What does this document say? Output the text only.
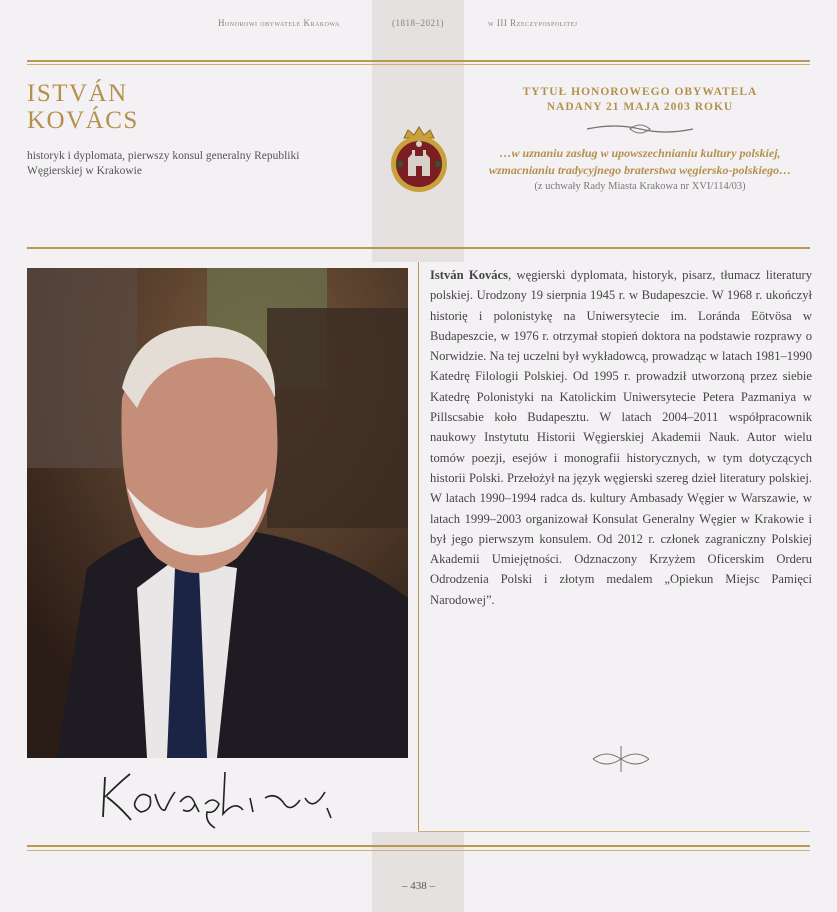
Honorowi obywatele Krakowa	(1818–2021)	w III Rzeczypospolitej
ISTVÁN
KOVÁCS
historyk i dyplomata, pierwszy konsul generalny Republiki Węgierskiej w Krakowie
TYTUŁ HONOROWEGO OBYWATELA
NADANY 21 MAJA 2003 ROKU
…w uznaniu zasług w upowszechnianiu kultury polskiej, wzmacnianiu tradycyjnego braterstwa węgiersko-polskiego…
(z uchwały Rady Miasta Krakowa nr XVI/114/03)
István Kovács, węgierski dyplomata, historyk, pisarz, tłumacz literatury polskiej. Urodzony 19 sierpnia 1945 r. w Budapeszcie. W 1968 r. ukończył historię i polonistykę na Uniwersytecie im. Loránda Eötvösa w Budapeszcie, w 1976 r. otrzymał stopień doktora na podstawie rozprawy o Norwidzie. Na tej uczelni był wykładowcą, prowadząc w latach 1981–1990 Katedrę Filologii Polskiej. Od 1995 r. prowadził utworzoną przez siebie Katedrę Polonistyki na Katolickim Uniwersytecie Petera Pazmaniya w Pillscsabie koło Budapesztu. W latach 2004–2011 współpracownik naukowy Instytutu Historii Węgierskiej Akademii Nauk. Autor wielu tomów poezji, esejów i monografii historycznych, w tym dotyczących historii Polski. Przełożył na język węgierski szereg dzieł literatury polskiej. W latach 1990–1994 radca ds. kultury Ambasady Węgier w Warszawie, w latach 1999–2003 organizował Konsulat Generalny Węgier w Krakowie i był jego pierwszym konsulem. Od 2012 r. członek zagraniczny Polskiej Akademii Umiejętności. Odznaczony Krzyżem Oficerskim Orderu Odrodzenia Polski i złotym medalem „Opiekun Miejsc Pamięci Narodowej”.
– 438 –
